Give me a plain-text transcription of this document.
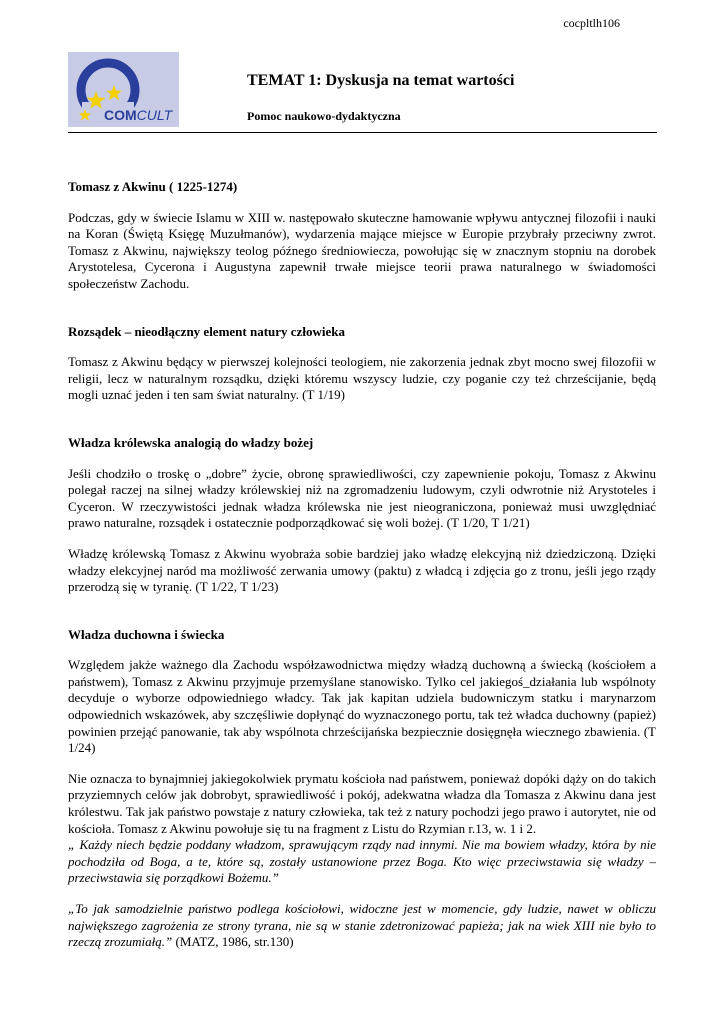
cocpltlh106
COMCULT
TEMAT 1: Dyskusja na temat wartości
Pomoc naukowo-dydaktyczna
Tomasz z Akwinu ( 1225-1274)

Podczas, gdy w świecie Islamu w XIII w. następowało skuteczne hamowanie wpływu antycznej filozofii i nauki na Koran (Świętą Księgę Muzułmanów), wydarzenia mające miejsce w Europie przybrały przeciwny zwrot. Tomasz z Akwinu, największy teolog późnego średniowiecza, powołując się w znacznym stopniu na dorobek Arystotelesa, Cycerona i Augustyna zapewnił trwałe miejsce teorii prawa naturalnego w świadomości społeczeństw Zachodu.

Rozsądek – nieodłączny element natury człowieka

Tomasz z Akwinu będący w pierwszej kolejności teologiem, nie zakorzenia jednak zbyt mocno swej filozofii w religii, lecz w naturalnym rozsądku, dzięki któremu wszyscy ludzie, czy poganie czy też chrześcijanie, będą mogli uznać jeden i ten sam świat naturalny. (T 1/19)

Władza królewska analogią do władzy bożej

Jeśli chodziło o troskę o „dobre” życie, obronę sprawiedliwości, czy zapewnienie pokoju, Tomasz z Akwinu polegał raczej na silnej władzy królewskiej niż na zgromadzeniu ludowym, czyli odwrotnie niż Arystoteles i Cyceron. W rzeczywistości jednak władza królewska nie jest nieograniczona, ponieważ musi uwzględniać prawo naturalne, rozsądek i ostatecznie podporządkować się woli bożej. (T 1/20, T 1/21)

Władzę królewską Tomasz z Akwinu wyobraża sobie bardziej jako władzę elekcyjną niż dziedziczoną. Dzięki władzy elekcyjnej naród ma możliwość zerwania umowy (paktu) z władcą i zdjęcia go z tronu, jeśli jego rządy przerodzą się w tyranię. (T 1/22, T 1/23)

Władza duchowna i świecka

Względem jakże ważnego dla Zachodu współzawodnictwa między władzą duchowną a świecką (kościołem a państwem), Tomasz z Akwinu przyjmuje przemyślane stanowisko. Tylko cel jakiegoś_działania lub wspólnoty decyduje o wyborze odpowiedniego władcy. Tak jak kapitan udziela budowniczym statku i marynarzom odpowiednich wskazówek, aby szczęśliwie dopłynąć do wyznaczonego portu, tak też władca duchowny (papież) powinien przejąć panowanie, tak aby wspólnota chrześcijańska bezpiecznie dosięgnęła wiecznego zbawienia. (T 1/24)

Nie oznacza to bynajmniej jakiegokolwiek prymatu kościoła nad państwem, ponieważ dopóki dąży on do takich przyziemnych celów jak dobrobyt, sprawiedliwość i pokój, adekwatna władza dla Tomasza z Akwinu dana jest królestwu. Tak jak państwo powstaje z natury człowieka, tak też z natury pochodzi jego prawo i autorytet, nie od kościoła. Tomasz z Akwinu powołuje się tu na fragment z Listu do Rzymian r.13, w. 1 i 2.

„ Każdy niech będzie poddany władzom, sprawującym rządy nad innymi. Nie ma bowiem władzy, która by nie pochodziła od Boga, a te, które są, zostały ustanowione przez Boga. Kto więc przeciwstawia się władzy – przeciwstawia się porządkowi Bożemu.”

„To jak samodzielnie państwo podlega kościołowi, widoczne jest w momencie, gdy ludzie, nawet w obliczu największego zagrożenia ze strony tyrana, nie są w stanie zdetronizować papieża; jak na wiek XIII nie było to rzeczą zrozumiałą.” (MATZ, 1986, str.130)
